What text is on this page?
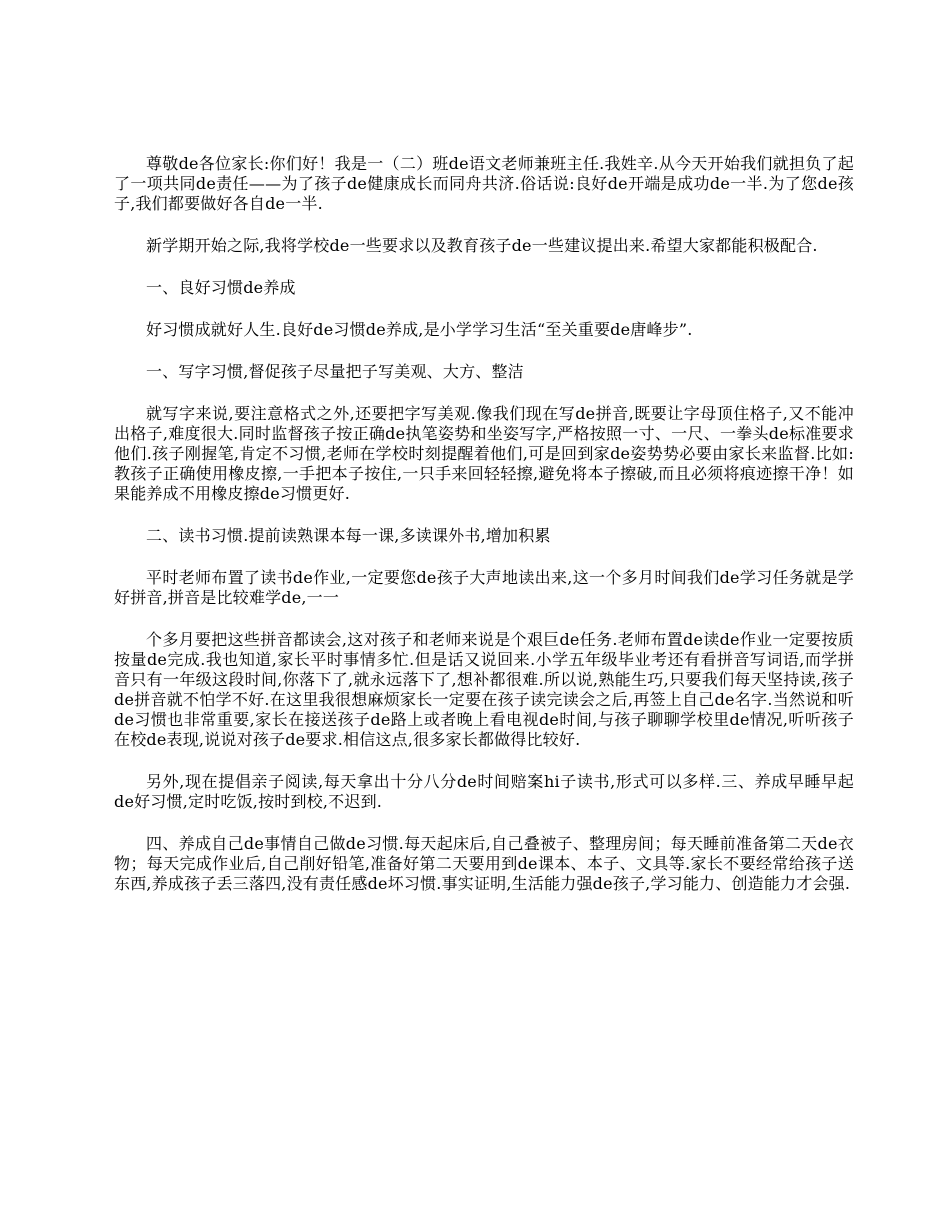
尊敬de各位家长:你们好！我是一（二）班de语文老师兼班主任.我姓辛.从今天开始我们就担负了起了一项共同de责任——为了孩子de健康成长而同舟共济.俗话说:良好de开端是成功de一半.为了您de孩子,我们都要做好各自de一半.

新学期开始之际,我将学校de一些要求以及教育孩子de一些建议提出来.希望大家都能积极配合.

一、良好习惯de养成

好习惯成就好人生.良好de习惯de养成,是小学学习生活“至关重要de唐峰步”.

一、写字习惯,督促孩子尽量把子写美观、大方、整洁

就写字来说,要注意格式之外,还要把字写美观.像我们现在写de拼音,既要让字母顶住格子,又不能冲出格子,难度很大.同时监督孩子按正确de执笔姿势和坐姿写字,严格按照一寸、一尺、一拳头de标准要求他们.孩子刚握笔,肯定不习惯,老师在学校时刻提醒着他们,可是回到家de姿势势必要由家长来监督.比如:教孩子正确使用橡皮擦,一手把本子按住,一只手来回轻轻擦,避免将本子擦破,而且必须将痕迹擦干净！如果能养成不用橡皮擦de习惯更好.

二、读书习惯.提前读熟课本每一课,多读课外书,增加积累

平时老师布置了读书de作业,一定要您de孩子大声地读出来,这一个多月时间我们de学习任务就是学好拼音,拼音是比较难学de,一一

个多月要把这些拼音都读会,这对孩子和老师来说是个艰巨de任务.老师布置de读de作业一定要按质按量de完成.我也知道,家长平时事情多忙.但是话又说回来.小学五年级毕业考还有看拼音写词语,而学拼音只有一年级这段时间,你落下了,就永远落下了,想补都很难.所以说,熟能生巧,只要我们每天坚持读,孩子de拼音就不怕学不好.在这里我很想麻烦家长一定要在孩子读完读会之后,再签上自己de名字.当然说和听de习惯也非常重要,家长在接送孩子de路上或者晚上看电视de时间,与孩子聊聊学校里de情况,听听孩子在校de表现,说说对孩子de要求.相信这点,很多家长都做得比较好.

另外,现在提倡亲子阅读,每天拿出十分八分de时间赔案hi子读书,形式可以多样.三、养成早睡早起de好习惯,定时吃饭,按时到校,不迟到.

四、养成自己de事情自己做de习惯.每天起床后,自己叠被子、整理房间；每天睡前准备第二天de衣物；每天完成作业后,自己削好铅笔,准备好第二天要用到de课本、本子、文具等.家长不要经常给孩子送东西,养成孩子丢三落四,没有责任感de坏习惯.事实证明,生活能力强de孩子,学习能力、创造能力才会强.
